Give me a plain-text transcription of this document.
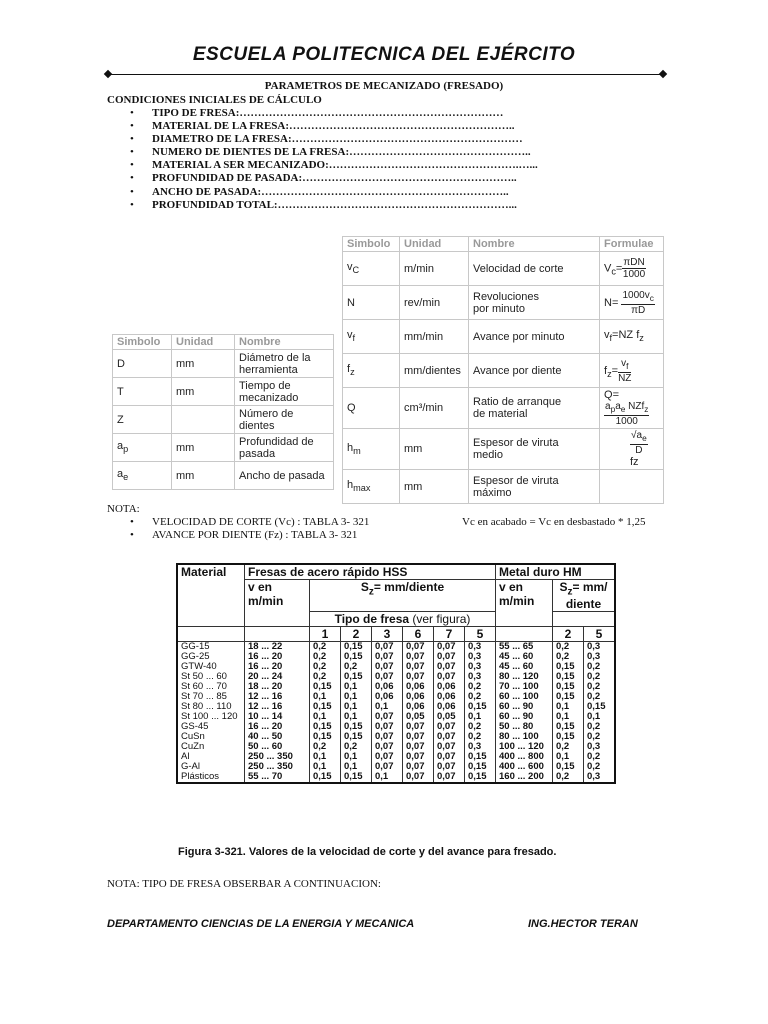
ESCUELA POLITECNICA DEL EJÉRCITO
PARAMETROS DE MECANIZADO (FRESADO)
CONDICIONES INICIALES DE CÁLCULO
• TIPO DE FRESA:………………………………………………………………
• MATERIAL DE LA FRESA:……………………………………………………..
• DIAMETRO DE LA FRESA:………………………………………………………
• NUMERO DE DIENTES DE LA FRESA:…………………………………………..
• MATERIAL A SER MECANIZADO:…………………………………………….…...
• PROFUNDIDAD DE PASADA:…………………………………………………..
• ANCHO DE PASADA:…………………………………………………………..
• PROFUNDIDAD TOTAL:………………………………………………………...
Simbolo	Unidad	Nombre	Formulae
$v_C$	m/min	Velocidad de corte	$V_c= \frac{\text{πDN}}{1000}$

N	rev/min	Revoluciones
por minuto	$N= \frac{1000v_c}{\pi D}$

$v_f$	mm/min	Avance por minuto	$v_f=NZ$ $f_z$
$f_z$	mm/dientes	Avance por diente	$f_z= \frac{v_f}{NZ}$

Q	cm³/min	Ratio de arranque
de material	Q=
$\frac{a_pa_e NZf_z}{1000}$

$h_m$	mm	Espesor de viruta
medio	$\frac{√a_e}{D}$
fz
$h_{max}$	mm	Espesor de viruta
máximo	
Simbolo	Unidad	Nombre
D	mm	Diámetro de la
herramienta
T	mm	Tiempo de
mecanizado
Z		Número de
dientes
$a_p$	mm	Profundidad de
pasada
$a_e$	mm	Ancho de pasada
NOTA:
• VELOCIDAD DE CORTE (Vc) : TABLA 3- 321
• AVANCE POR DIENTE (Fz) : TABLA 3- 321
Vc en acabado = Vc en desbastado * 1,25
Material	Fresas de acero rápido HSS							Metal duro HM		
	v en
m/min	$S_z=$ mm/diente						v en
m/min	$S_z= mm/$
diente	
		Tipo de fresa (ver figura)								
		1	2	3	6	7	5		2	5
GG-15	18 ... 22	0,2	0,15	0,07	0,07	0,07	0,3	55 ... 65	0,2	0,3
GG-25	16 ... 20	0,2	0,15	0,07	0,07	0,07	0,3	45 ... 60	0,2	0,3
GTW-40	16 ... 20	0,2	0,2	0,07	0,07	0,07	0,3	45 ... 60	0,15	0,2
St 50 ... 60	20 ... 24	0,2	0,15	0,07	0,07	0,07	0,3	80 ... 120	0,15	0,2
St 60 ... 70	18 ... 20	0,15	0,1	0,06	0,06	0,06	0,2	70 ... 100	0,15	0,2
St 70 ... 85	12 ... 16	0,1	0,1	0,06	0,06	0,06	0,2	60 ... 100	0,15	0,2
St 80 ... 110	12 ... 16	0,15	0,1	0,1	0,06	0,06	0,15	60 ... 90	0,1	0,15
St 100 ... 120	10 ... 14	0,1	0,1	0,07	0,05	0,05	0,1	60 ... 90	0,1	0,1
GS-45	16 ... 20	0,15	0,15	0,07	0,07	0,07	0,2	50 ... 80	0,15	0,2
CuSn	40 ... 50	0,15	0,15	0,07	0,07	0,07	0,2	80 ... 100	0,15	0,2
CuZn	50 ... 60	0,2	0,2	0,07	0,07	0,07	0,3	100 ... 120	0,2	0,3
Al	250 ... 350	0,1	0,1	0,07	0,07	0,07	0,15	400 ... 800	0,1	0,2
G-Al	250 ... 350	0,1	0,1	0,07	0,07	0,07	0,15	400 ... 600	0,15	0,2
Plásticos	55 ... 70	0,15	0,15	0,1	0,07	0,07	0,15	160 ... 200	0,2	0,3
Figura 3-321. Valores de la velocidad de corte y del avance para fresado.
NOTA: TIPO DE FRESA OBSERBAR A CONTINUACION:
DEPARTAMENTO CIENCIAS DE LA ENERGIA Y MECANICA	ING.HECTOR TERAN
